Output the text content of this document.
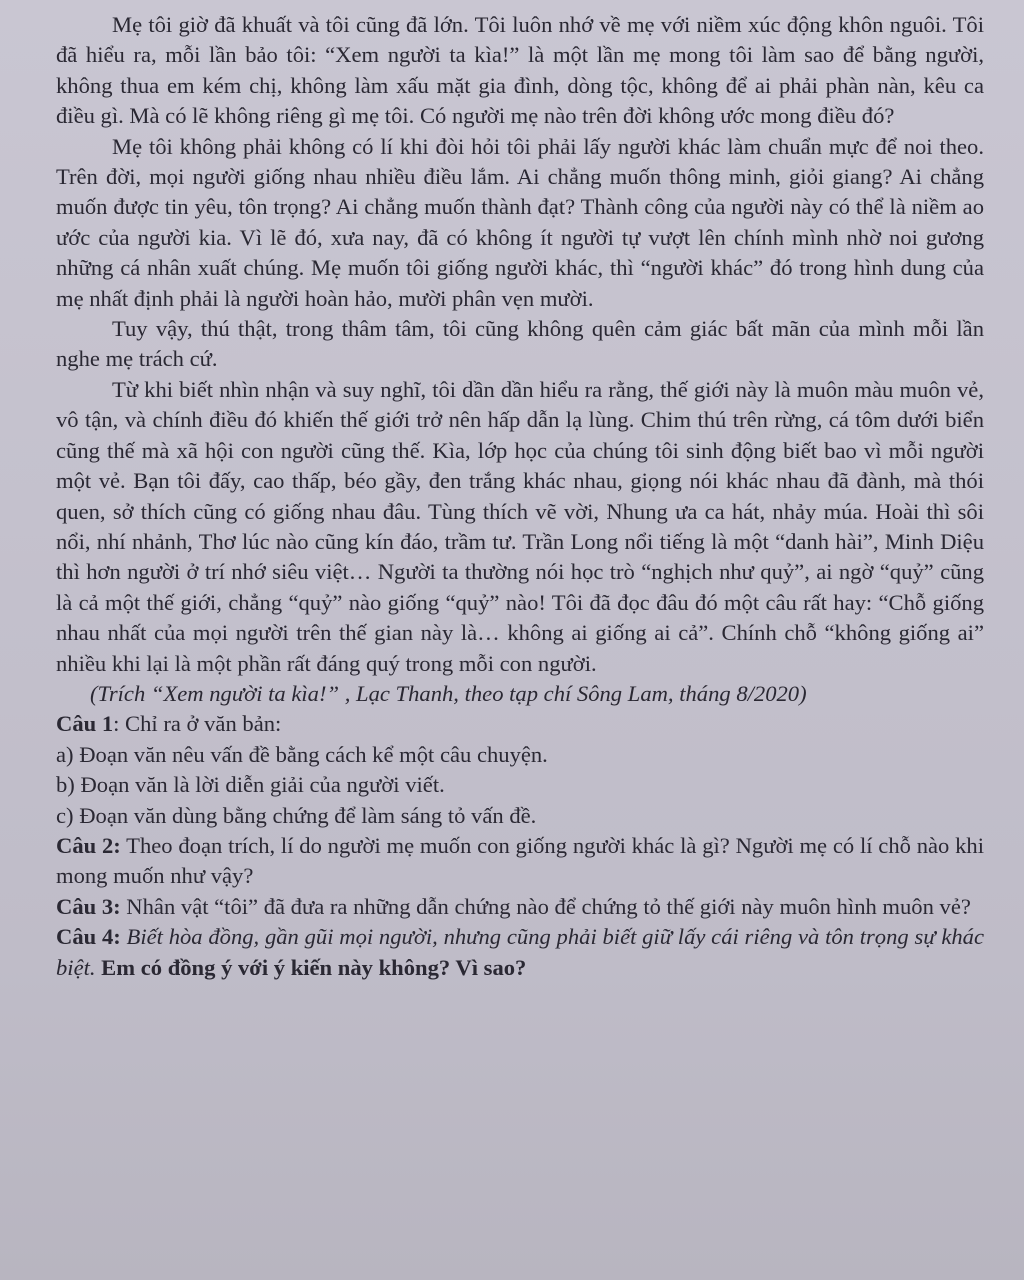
Mẹ tôi giờ đã khuất và tôi cũng đã lớn. Tôi luôn nhớ về mẹ với niềm xúc động khôn nguôi. Tôi đã hiểu ra, mỗi lần bảo tôi: “Xem người ta kìa!” là một lần mẹ mong tôi làm sao để bằng người, không thua em kém chị, không làm xấu mặt gia đình, dòng tộc, không để ai phải phàn nàn, kêu ca điều gì. Mà có lẽ không riêng gì mẹ tôi. Có người mẹ nào trên đời không ước mong điều đó?

Mẹ tôi không phải không có lí khi đòi hỏi tôi phải lấy người khác làm chuẩn mực để noi theo. Trên đời, mọi người giống nhau nhiều điều lắm. Ai chẳng muốn thông minh, giỏi giang? Ai chẳng muốn được tin yêu, tôn trọng? Ai chẳng muốn thành đạt? Thành công của người này có thể là niềm ao ước của người kia. Vì lẽ đó, xưa nay, đã có không ít người tự vượt lên chính mình nhờ noi gương những cá nhân xuất chúng. Mẹ muốn tôi giống người khác, thì “người khác” đó trong hình dung của mẹ nhất định phải là người hoàn hảo, mười phân vẹn mười.

Tuy vậy, thú thật, trong thâm tâm, tôi cũng không quên cảm giác bất mãn của mình mỗi lần nghe mẹ trách cứ.

Từ khi biết nhìn nhận và suy nghĩ, tôi dần dần hiểu ra rằng, thế giới này là muôn màu muôn vẻ, vô tận, và chính điều đó khiến thế giới trở nên hấp dẫn lạ lùng. Chim thú trên rừng, cá tôm dưới biển cũng thế mà xã hội con người cũng thế. Kìa, lớp học của chúng tôi sinh động biết bao vì mỗi người một vẻ. Bạn tôi đấy, cao thấp, béo gầy, đen trắng khác nhau, giọng nói khác nhau đã đành, mà thói quen, sở thích cũng có giống nhau đâu. Tùng thích vẽ vời, Nhung ưa ca hát, nhảy múa. Hoài thì sôi nổi, nhí nhảnh, Thơ lúc nào cũng kín đáo, trầm tư. Trần Long nổi tiếng là một “danh hài”, Minh Diệu thì hơn người ở trí nhớ siêu việt… Người ta thường nói học trò “nghịch như quỷ”, ai ngờ “quỷ” cũng là cả một thế giới, chẳng “quỷ” nào giống “quỷ” nào! Tôi đã đọc đâu đó một câu rất hay: “Chỗ giống nhau nhất của mọi người trên thế gian này là… không ai giống ai cả”. Chính chỗ “không giống ai” nhiều khi lại là một phần rất đáng quý trong mỗi con người.

(Trích “Xem người ta kìa!” , Lạc Thanh, theo tạp chí Sông Lam, tháng 8/2020)

Câu 1: Chỉ ra ở văn bản:

a) Đoạn văn nêu vấn đề bằng cách kể một câu chuyện.

b) Đoạn văn là lời diễn giải của người viết.

c) Đoạn văn dùng bằng chứng để làm sáng tỏ vấn đề.

Câu 2: Theo đoạn trích, lí do người mẹ muốn con giống người khác là gì? Người mẹ có lí chỗ nào khi mong muốn như vậy?

Câu 3: Nhân vật “tôi” đã đưa ra những dẫn chứng nào để chứng tỏ thế giới này muôn hình muôn vẻ?

Câu 4: Biết hòa đồng, gần gũi mọi người, nhưng cũng phải biết giữ lấy cái riêng và tôn trọng sự khác biệt. Em có đồng ý với ý kiến này không? Vì sao?
